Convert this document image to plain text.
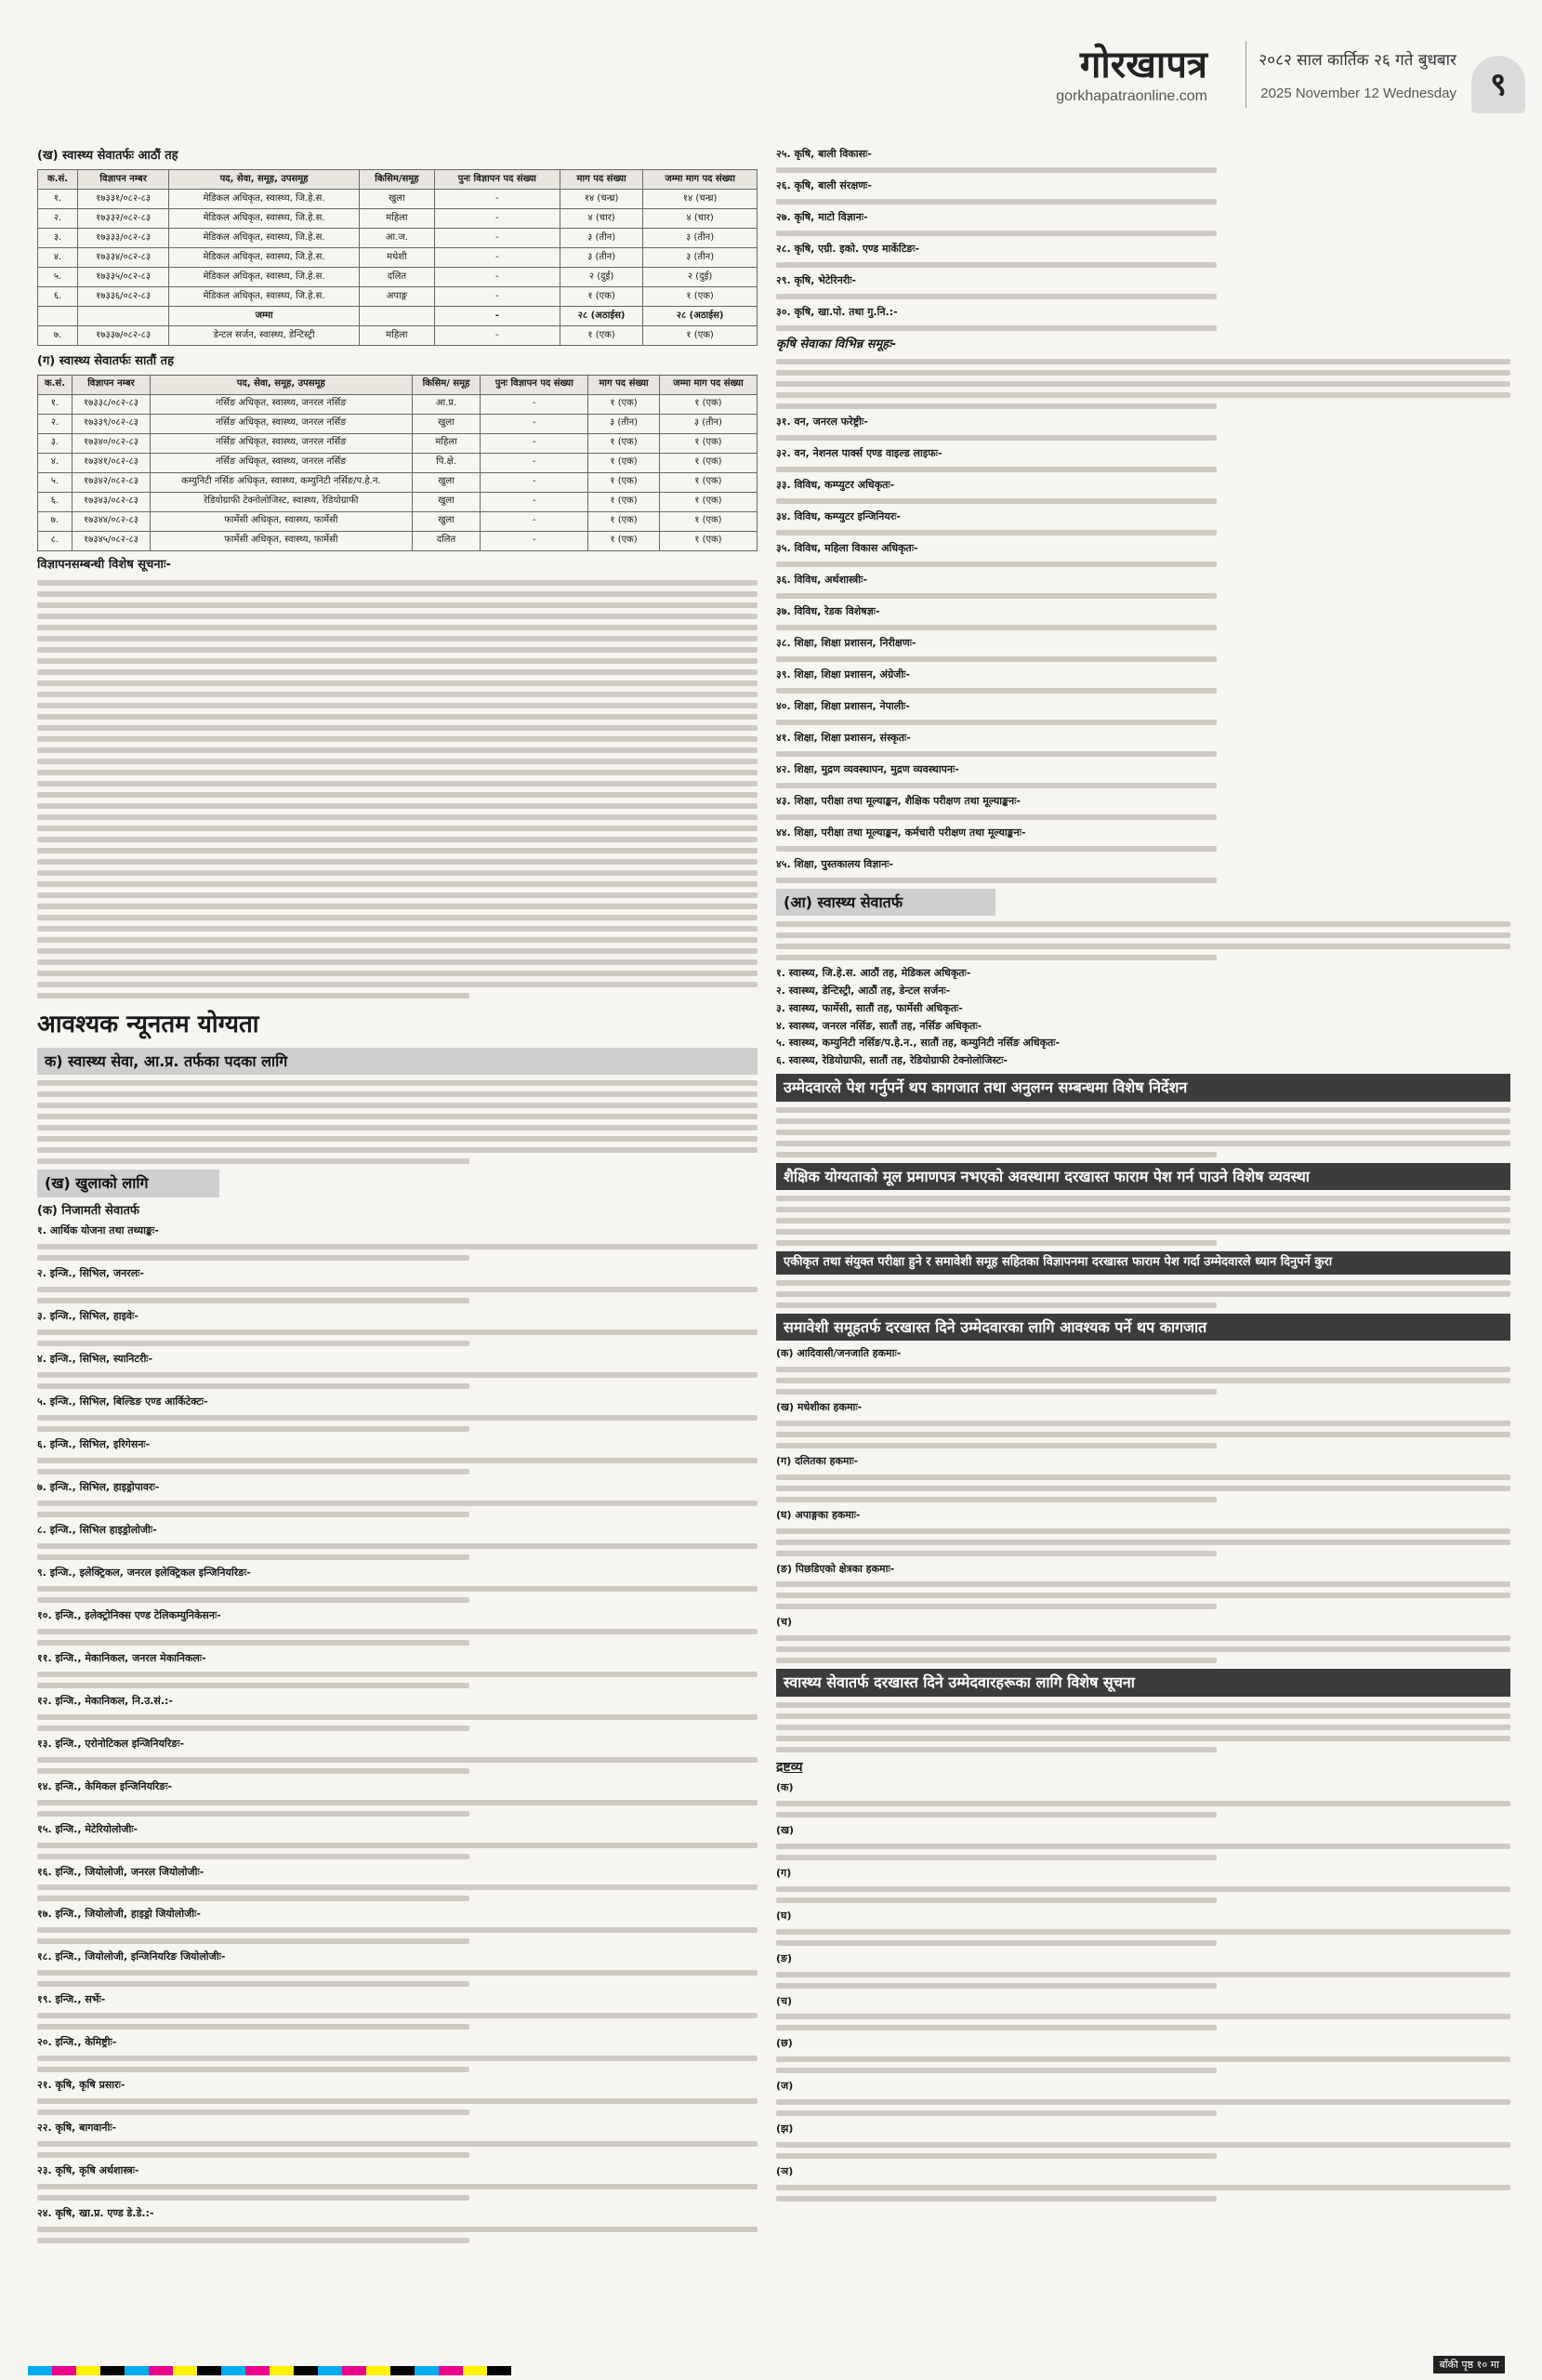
गोरखापत्र
gorkhapatraonline.com
२०८२ साल कार्तिक २६ गते बुधबार
2025 November 12 Wednesday	९
(ख) स्वास्थ्य सेवातर्फः आठौं तह
क.सं.	विज्ञापन नम्बर	पद, सेवा, समूह, उपसमूह	किसिम/समूह	पुनः विज्ञापन पद संख्या	माग पद संख्या	जम्मा माग पद संख्या
१.	१७३३१/०८२-८३	मेडिकल अधिकृत, स्वास्थ्य, जि.हे.स.	खुला	-	१४ (चन्ध्र)	१४ (चन्ध्र)
२.	१७३३२/०८२-८३	मेडिकल अधिकृत, स्वास्थ्य, जि.हे.स.	महिला	-	४ (चार)	४ (चार)
३.	१७३३३/०८२-८३	मेडिकल अधिकृत, स्वास्थ्य, जि.हे.स.	आ.ज.	-	३ (तीन)	३ (तीन)
४.	१७३३४/०८२-८३	मेडिकल अधिकृत, स्वास्थ्य, जि.हे.स.	मधेशी	-	३ (तीन)	३ (तीन)
५.	१७३३५/०८२-८३	मेडिकल अधिकृत, स्वास्थ्य, जि.हे.स.	दलित	-	२ (दुई)	२ (दुई)
६.	१७३३६/०८२-८३	मेडिकल अधिकृत, स्वास्थ्य, जि.हे.स.	अपाङ्ग	-	१ (एक)	१ (एक)
		जम्मा		-	२८ (अठाईस)	२८ (अठाईस)
७.	१७३३७/०८२-८३	डेन्टल सर्जन, स्वास्थ्य, डेन्टिस्ट्री	महिला	-	१ (एक)	१ (एक)
(ग) स्वास्थ्य सेवातर्फः सातौं तह
क.सं.	विज्ञापन नम्बर	पद, सेवा, समूह, उपसमूह	किसिम/ समूह	पुनः विज्ञापन पद संख्या	माग पद संख्या	जम्मा माग पद संख्या
१.	१७३३८/०८२-८३	नर्सिङ अधिकृत, स्वास्थ्य, जनरल नर्सिङ	आ.प्र.	-	१ (एक)	१ (एक)
२.	१७३३९/०८२-८३	नर्सिङ अधिकृत, स्वास्थ्य, जनरल नर्सिङ	खुला	-	३ (तीन)	३ (तीन)
३.	१७३४०/०८२-८३	नर्सिङ अधिकृत, स्वास्थ्य, जनरल नर्सिङ	महिला	-	१ (एक)	१ (एक)
४.	१७३४१/०८२-८३	नर्सिङ अधिकृत, स्वास्थ्य, जनरल नर्सिङ	पि.क्षे.	-	१ (एक)	१ (एक)
५.	१७३४२/०८२-८३	कम्युनिटी नर्सिङ अधिकृत, स्वास्थ्य, कम्युनिटी नर्सिङ/प.हे.न.	खुला	-	१ (एक)	१ (एक)
६.	१७३४३/०८२-८३	रेडियोग्राफी टेक्नोलोजिस्ट, स्वास्थ्य, रेडियोग्राफी	खुला	-	१ (एक)	१ (एक)
७.	१७३४४/०८२-८३	फार्मेसी अधिकृत, स्वास्थ्य, फार्मेसी	खुला	-	१ (एक)	१ (एक)
८.	१७३४५/०८२-८३	फार्मेसी अधिकृत, स्वास्थ्य, फार्मेसी	दलित	-	१ (एक)	१ (एक)
विज्ञापनसम्बन्धी विशेष सूचनाः-
आवश्यक न्यूनतम योग्यता
क) स्वास्थ्य सेवा, आ.प्र. तर्फका पदका लागि
(ख) खुलाको लागि
(क) निजामती सेवातर्फ
१. आर्थिक योजना तथा तथ्याङ्कः-
२. इन्जि., सिभिल, जनरलः-
३. इन्जि., सिभिल, हाइवेः-
४. इन्जि., सिभिल, स्यानिटरीः-
५. इन्जि., सिभिल, बिल्डिङ एण्ड आर्किटेक्टः-
६. इन्जि., सिभिल, इरिगेसनः-
७. इन्जि., सिभिल, हाइड्रोपावरः-
८. इन्जि., सिभिल हाइड्रोलोजीः-
९. इन्जि., इलेक्ट्रिकल, जनरल इलेक्ट्रिकल इन्जिनियरिङः-
१०. इन्जि., इलेक्ट्रोनिक्स एण्ड टेलिकम्युनिकेसनः-
११. इन्जि., मेकानिकल, जनरल मेकानिकलः-
१२. इन्जि., मेकानिकल, नि.उ.सं.:-
१३. इन्जि., एरोनोटिकल इन्जिनियरिङः-
१४. इन्जि., केमिकल इन्जिनियरिङः-
१५. इन्जि., मेटेरियोलोजीः-
१६. इन्जि., जियोलोजी, जनरल जियोलोजीः-
१७. इन्जि., जियोलोजी, हाइड्रो जियोलोजीः-
१८. इन्जि., जियोलोजी, इन्जिनियरिङ जियोलोजीः-
१९. इन्जि., सर्भेः-
२०. इन्जि., केमिष्ट्रीः-
२१. कृषि, कृषि प्रसारः-
२२. कृषि, बागवानीः-
२३. कृषि, कृषि अर्थशास्त्रः-
२४. कृषि, खा.प्र. एण्ड डे.डे.:-
२५. कृषि, बाली विकासः-
२६. कृषि, बाली संरक्षणः-
२७. कृषि, माटो विज्ञानः-
२८. कृषि, एग्री. इको. एण्ड मार्केटिङः-
२९. कृषि, भेटेरिनरीः-
३०. कृषि, खा.पो. तथा गु.नि.:-
कृषि सेवाका विभिन्न समूहः-
३१. वन, जनरल फरेष्ट्रीः-
३२. वन, नेशनल पार्क्स एण्ड वाइल्ड लाइफः-
३३. विविध, कम्प्युटर अधिकृतः-
३४. विविध, कम्प्युटर इन्जिनियरः-
३५. विविध, महिला विकास अधिकृतः-
३६. विविध, अर्थशास्त्रीः-
३७. विविध, रेडक विशेषज्ञः-
३८. शिक्षा, शिक्षा प्रशासन, निरीक्षणः-
३९. शिक्षा, शिक्षा प्रशासन, अंग्रेजीः-
४०. शिक्षा, शिक्षा प्रशासन, नेपालीः-
४१. शिक्षा, शिक्षा प्रशासन, संस्कृतः-
४२. शिक्षा, मुद्रण व्यवस्थापन, मुद्रण व्यवस्थापनः-
४३. शिक्षा, परीक्षा तथा मूल्याङ्कन, शैक्षिक परीक्षण तथा मूल्याङ्कनः-
४४. शिक्षा, परीक्षा तथा मूल्याङ्कन, कर्मचारी परीक्षण तथा मूल्याङ्कनः-
४५. शिक्षा, पुस्तकालय विज्ञानः-
(आ) स्वास्थ्य सेवातर्फ
१. स्वास्थ्य, जि.हे.स. आठौं तह, मेडिकल अधिकृतः-
२. स्वास्थ्य, डेन्टिस्ट्री, आठौं तह, डेन्टल सर्जनः-
३. स्वास्थ्य, फार्मेसी, सातौं तह, फार्मेसी अधिकृतः-
४. स्वास्थ्य, जनरल नर्सिङ, सातौं तह, नर्सिङ अधिकृतः-
५. स्वास्थ्य, कम्युनिटी नर्सिङ/प.हे.न., सातौं तह, कम्युनिटी नर्सिङ अधिकृतः-
६. स्वास्थ्य, रेडियोग्राफी, सातौं तह, रेडियोग्राफी टेक्नोलोजिस्टः-
उम्मेदवारले पेश गर्नुपर्ने थप कागजात तथा अनुलग्न सम्बन्धमा विशेष निर्देशन
शैक्षिक योग्यताको मूल प्रमाणपत्र नभएको अवस्थामा दरखास्त फाराम पेश गर्न पाउने विशेष व्यवस्था
एकीकृत तथा संयुक्त परीक्षा हुने र समावेशी समूह सहितका विज्ञापनमा दरखास्त फाराम पेश गर्दा उम्मेदवारले ध्यान दिनुपर्ने कुरा
समावेशी समूहतर्फ दरखास्त दिने उम्मेदवारका लागि आवश्यक पर्ने थप कागजात
(क) आदिवासी/जनजाति हकमाः-
(ख) मधेशीका हकमाः-
(ग) दलितका हकमाः-
(घ) अपाङ्गका हकमाः-
(ङ) पिछडिएको क्षेत्रका हकमाः-
(च)
स्वास्थ्य सेवातर्फ दरखास्त दिने उम्मेदवारहरूका लागि विशेष सूचना
द्रष्टव्य
(क)
(ख)
(ग)
(घ)
(ङ)
(च)
(छ)
(ज)
(झ)
(ञ)
बाँकी पृष्ठ १० मा
